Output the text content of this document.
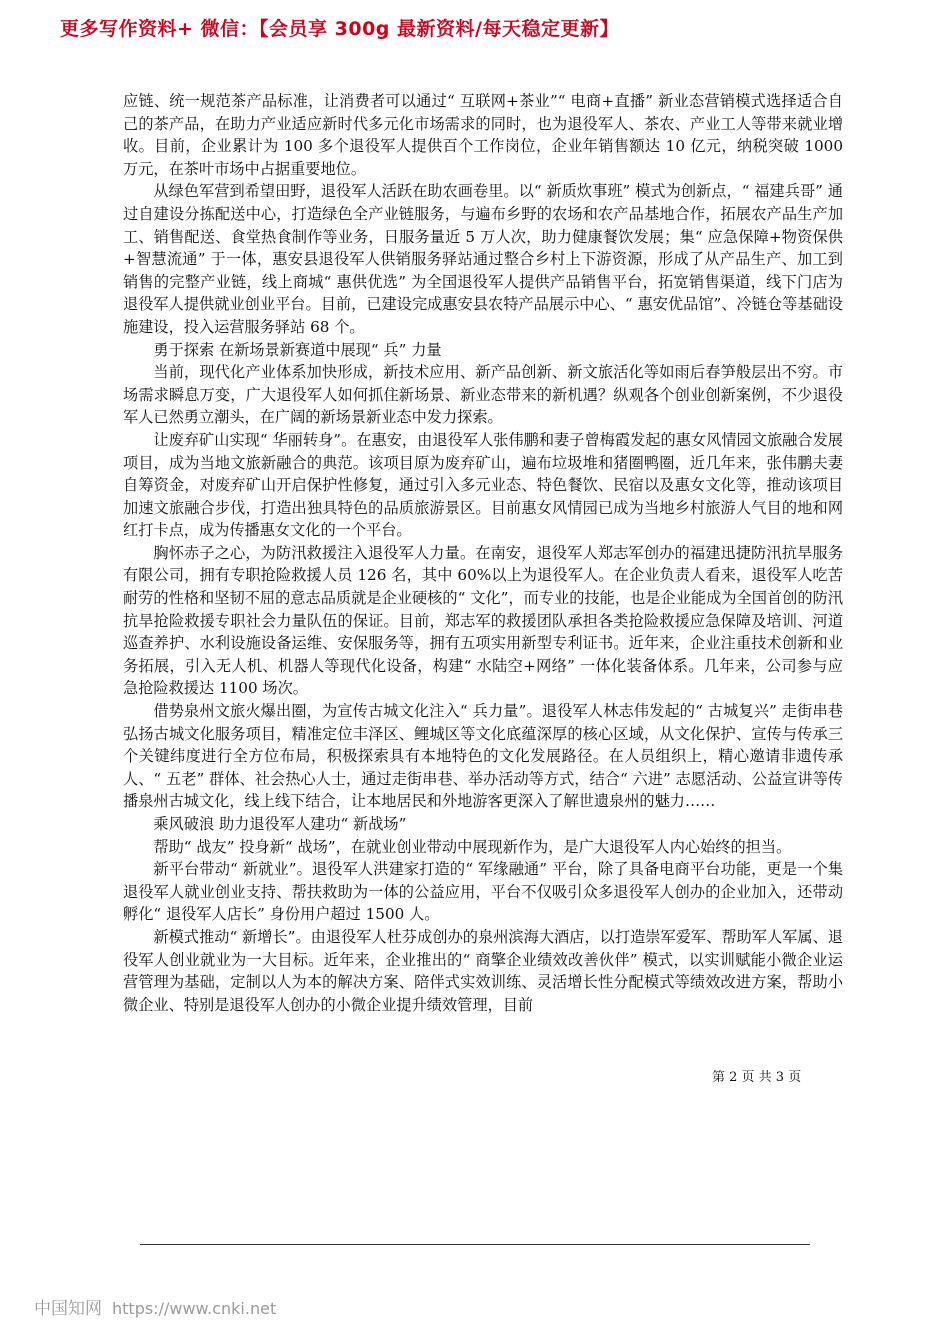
更多写作资料+ 微信：【会员享 300g 最新资料/每天稳定更新】

应链、统一规范茶产品标准，让消费者可以通过“ 互联网+茶业”“ 电商+直播” 新业态营销模式选择适合自己的茶产品，在助力产业适应新时代多元化市场需求的同时，也为退役军人、茶农、产业工人等带来就业增收。目前，企业累计为 100 多个退役军人提供百个工作岗位，企业年销售额达 10 亿元，纳税突破 1000 万元，在茶叶市场中占据重要地位。

从绿色军营到希望田野，退役军人活跃在助农画卷里。以“ 新质炊事班” 模式为创新点，“ 福建兵哥” 通过自建设分拣配送中心，打造绿色全产业链服务，与遍布乡野的农场和农产品基地合作，拓展农产品生产加工、销售配送、食堂热食制作等业务，日服务量近 5 万人次，助力健康餐饮发展；集“ 应急保障+物资保供+智慧流通” 于一体，惠安县退役军人供销服务驿站通过整合乡村上下游资源，形成了从产品生产、加工到销售的完整产业链，线上商城“ 惠供优选” 为全国退役军人提供产品销售平台，拓宽销售渠道，线下门店为退役军人提供就业创业平台。目前，已建设完成惠安县农特产品展示中心、“ 惠安优品馆”、冷链仓等基础设施建设，投入运营服务驿站 68 个。

勇于探索 在新场景新赛道中展现“ 兵” 力量

当前，现代化产业体系加快形成，新技术应用、新产品创新、新文旅活化等如雨后春笋般层出不穷。市场需求瞬息万变，广大退役军人如何抓住新场景、新业态带来的新机遇？纵观各个创业创新案例，不少退役军人已然勇立潮头，在广阔的新场景新业态中发力探索。

让废弃矿山实现“ 华丽转身”。在惠安，由退役军人张伟鹏和妻子曾梅霞发起的惠女风情园文旅融合发展项目，成为当地文旅新融合的典范。该项目原为废弃矿山，遍布垃圾堆和猪圈鸭圈，近几年来，张伟鹏夫妻自筹资金，对废弃矿山开启保护性修复，通过引入多元业态、特色餐饮、民宿以及惠女文化等，推动该项目加速文旅融合步伐，打造出独具特色的品质旅游景区。目前惠女风情园已成为当地乡村旅游人气目的地和网红打卡点，成为传播惠女文化的一个平台。

胸怀赤子之心，为防汛救援注入退役军人力量。在南安，退役军人郑志军创办的福建迅捷防汛抗旱服务有限公司，拥有专职抢险救援人员 126 名，其中 60%以上为退役军人。在企业负责人看来，退役军人吃苦耐劳的性格和坚韧不屈的意志品质就是企业硬核的“ 文化”，而专业的技能，也是企业能成为全国首创的防汛抗旱抢险救援专职社会力量队伍的保证。目前，郑志军的救援团队承担各类抢险救援应急保障及培训、河道巡查养护、水利设施设备运维、安保服务等，拥有五项实用新型专利证书。近年来，企业注重技术创新和业务拓展，引入无人机、机器人等现代化设备，构建“ 水陆空+网络” 一体化装备体系。几年来，公司参与应急抢险救援达 1100 场次。

借势泉州文旅火爆出圈，为宣传古城文化注入“ 兵力量”。退役军人林志伟发起的“ 古城复兴” 走街串巷弘扬古城文化服务项目，精准定位丰泽区、鲤城区等文化底蕴深厚的核心区域，从文化保护、宣传与传承三个关键纬度进行全方位布局，积极探索具有本地特色的文化发展路径。在人员组织上，精心邀请非遗传承人、“ 五老” 群体、社会热心人士，通过走街串巷、举办活动等方式，结合“ 六进” 志愿活动、公益宣讲等传播泉州古城文化，线上线下结合，让本地居民和外地游客更深入了解世遗泉州的魅力……

乘风破浪 助力退役军人建功“ 新战场”

帮助“ 战友” 投身新“ 战场”，在就业创业带动中展现新作为，是广大退役军人内心始终的担当。

新平台带动“ 新就业”。退役军人洪建家打造的“ 军缘融通” 平台，除了具备电商平台功能，更是一个集退役军人就业创业支持、帮扶救助为一体的公益应用，平台不仅吸引众多退役军人创办的企业加入，还带动孵化“ 退役军人店长” 身份用户超过 1500 人。

新模式推动“ 新增长”。由退役军人杜芬成创办的泉州滨海大酒店，以打造崇军爱军、帮助军人军属、退役军人创业就业为一大目标。近年来，企业推出的“ 商擎企业绩效改善伙伴” 模式，以实训赋能小微企业运营管理为基础，定制以人为本的解决方案、陪伴式实效训练、灵活增长性分配模式等绩效改进方案，帮助小微企业、特别是退役军人创办的小微企业提升绩效管理，目前

第 2 页 共 3 页
中国知网 https://www.cnki.net
